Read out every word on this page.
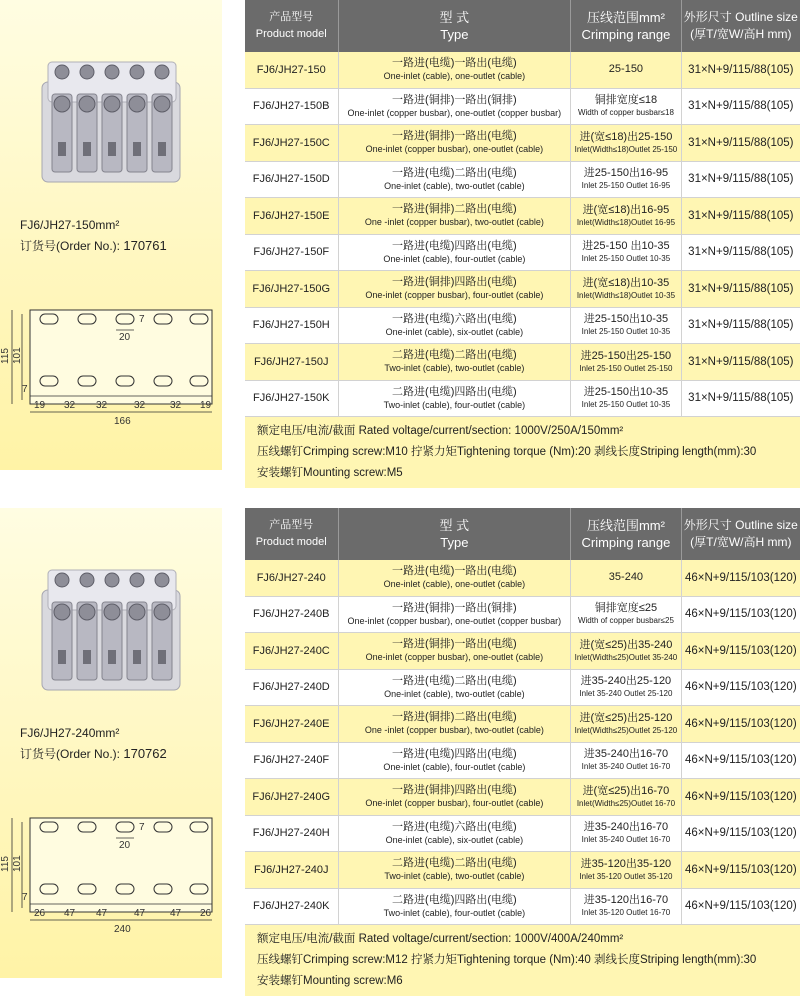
FJ6/JH27-150mm²
订货号(Order No.): 170761
115 101
7
7
20
19 32 32	32 32 19
166
产品型号
Product model
型 式
Type
压线范围mm²
Crimping range
外形尺寸 Outline size
(厚T/宽W/高H mm)
FJ6/JH27-150
一路进(电缆)一路出(电缆)
One-inlet (cable), one-outlet (cable)
25-150	31×N+9/115/88(105)
FJ6/JH27-150B
一路进(铜排)一路出(铜排)
One-inlet (copper busbar), one-outlet (copper busbar)
铜排宽度≤18
Width of copper busbar≤18
31×N+9/115/88(105)
FJ6/JH27-150C
一路进(铜排)一路出(电缆)
One-inlet (copper busbar), one-outlet (cable)
进(宽≤18)出25-150
Inlet(Width≤18)Outlet 25-150
31×N+9/115/88(105)
FJ6/JH27-150D
一路进(电缆)二路出(电缆)
One-inlet (cable), two-outlet (cable)
进25-150出16-95
Inlet 25-150 Outlet 16-95
31×N+9/115/88(105)
FJ6/JH27-150E
一路进(铜排)二路出(电缆)
One -inlet (copper busbar), two-outlet (cable)
进(宽≤18)出16-95
Inlet(Width≤18)Outlet 16-95
31×N+9/115/88(105)
FJ6/JH27-150F
一路进(电缆)四路出(电缆)
One-inlet (cable), four-outlet (cable)
进25-150 出10-35
Inlet 25-150 Outlet 10-35
31×N+9/115/88(105)
FJ6/JH27-150G
一路进(铜排)四路出(电缆)
One-inlet (copper busbar), four-outlet (cable)
进(宽≤18)出10-35
Inlet(Width≤18)Outlet 10-35
31×N+9/115/88(105)
FJ6/JH27-150H
一路进(电缆)六路出(电缆)
One-inlet (cable), six-outlet (cable)
进25-150出10-35
Inlet 25-150 Outlet 10-35
31×N+9/115/88(105)
FJ6/JH27-150J
二路进(电缆)二路出(电缆)
Two-inlet (cable), two-outlet (cable)
进25-150出25-150
Inlet 25-150 Outlet 25-150
31×N+9/115/88(105)
FJ6/JH27-150K
二路进(电缆)四路出(电缆)
Two-inlet (cable), four-outlet (cable)
进25-150出10-35
Inlet 25-150 Outlet 10-35
31×N+9/115/88(105)
额定电压/电流/截面 Rated voltage/current/section: 1000V/250A/150mm²
压线螺钉Crimping screw:M10 拧紧力矩Tightening torque (Nm):20 剥线长度Striping length(mm):30
安装螺钉Mounting screw:M5
FJ6/JH27-240mm²
订货号(Order No.): 170762
115 101
7
7
20
26 47 47	47 47 26
240
产品型号
Product model
型 式
Type
压线范围mm²
Crimping range
外形尺寸 Outline size
(厚T/宽W/高H mm)
FJ6/JH27-240
一路进(电缆)一路出(电缆)
One-inlet (cable), one-outlet (cable)
35-240	46×N+9/115/103(120)
FJ6/JH27-240B
一路进(铜排)一路出(铜排)
One-inlet (copper busbar), one-outlet (copper busbar)
铜排宽度≤25
Width of copper busbar≤25
46×N+9/115/103(120)
FJ6/JH27-240C
一路进(铜排)一路出(电缆)
One-inlet (copper busbar), one-outlet (cable)
进(宽≤25)出35-240
Inlet(Width≤25)Outlet 35-240
46×N+9/115/103(120)
FJ6/JH27-240D
一路进(电缆)二路出(电缆)
One-inlet (cable), two-outlet (cable)
进35-240出25-120
Inlet 35-240 Outlet 25-120
46×N+9/115/103(120)
FJ6/JH27-240E
一路进(铜排)二路出(电缆)
One -inlet (copper busbar), two-outlet (cable)
进(宽≤25)出25-120
Inlet(Width≤25)Outlet 25-120
46×N+9/115/103(120)
FJ6/JH27-240F
一路进(电缆)四路出(电缆)
One-inlet (cable), four-outlet (cable)
进35-240出16-70
Inlet 35-240 Outlet 16-70
46×N+9/115/103(120)
FJ6/JH27-240G
一路进(铜排)四路出(电缆)
One-inlet (copper busbar), four-outlet (cable)
进(宽≤25)出16-70
Inlet(Width≤25)Outlet 16-70
46×N+9/115/103(120)
FJ6/JH27-240H
一路进(电缆)六路出(电缆)
One-inlet (cable), six-outlet (cable)
进35-240出16-70
Inlet 35-240 Outlet 16-70
46×N+9/115/103(120)
FJ6/JH27-240J
二路进(电缆)二路出(电缆)
Two-inlet (cable), two-outlet (cable)
进35-120出35-120
Inlet 35-120 Outlet 35-120
46×N+9/115/103(120)
FJ6/JH27-240K
二路进(电缆)四路出(电缆)
Two-inlet (cable), four-outlet (cable)
进35-120出16-70
Inlet 35-120 Outlet 16-70
46×N+9/115/103(120)
额定电压/电流/截面 Rated voltage/current/section: 1000V/400A/240mm²
压线螺钉Crimping screw:M12 拧紧力矩Tightening torque (Nm):40 剥线长度Striping length(mm):30
安装螺钉Mounting screw:M6
